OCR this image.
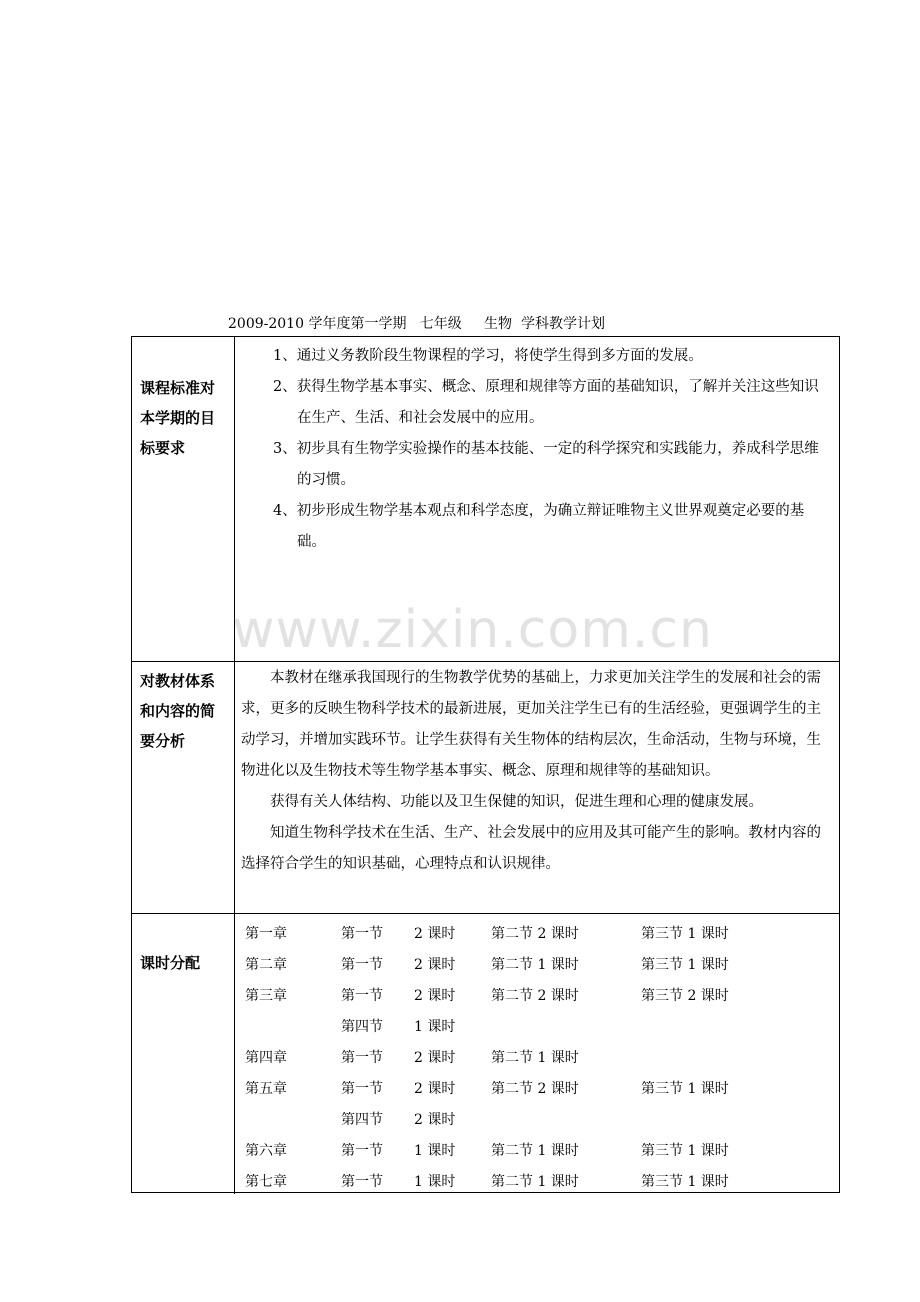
2009-2010 学年度第一学期   七年级     生物  学科教学计划
课程标准对本学期的目标要求

1、通过义务教阶段生物课程的学习，将使学生得到多方面的发展。

2、获得生物学基本事实、概念、原理和规律等方面的基础知识，了解并关注这些知识在生产、生活、和社会发展中的应用。

3、初步具有生物学实验操作的基本技能、一定的科学探究和实践能力，养成科学思维的习惯。

4、初步形成生物学基本观点和科学态度，为确立辩证唯物主义世界观奠定必要的基础。

对教材体系和内容的简要分析

本教材在继承我国现行的生物教学优势的基础上，力求更加关注学生的发展和社会的需求，更多的反映生物科学技术的最新进展，更加关注学生已有的生活经验，更强调学生的主动学习，并增加实践环节。让学生获得有关生物体的结构层次，生命活动，生物与环境，生物进化以及生物技术等生物学基本事实、概念、原理和规律等的基础知识。

获得有关人体结构、功能以及卫生保健的知识，促进生理和心理的健康发展。

知道生物科学技术在生活、生产、社会发展中的应用及其可能产生的影响。教材内容的选择符合学生的知识基础，心理特点和认识规律。

课时分配
第一章	第一节 2 课时	第二节 2 课时	第三节 1 课时
第二章	第一节 2 课时	第二节 1 课时	第三节 1 课时
第三章	第一节 2 课时	第二节 2 课时	第三节 2 课时
第四节 1 课时
第四章	第一节 2 课时	第二节 1 课时
第五章	第一节 2 课时	第二节 2 课时	第三节 1 课时
第四节 2 课时
第六章	第一节 1 课时	第二节 1 课时	第三节 1 课时
第七章	第一节 1 课时	第二节 1 课时	第三节 1 课时
www.zixin.com.cn
